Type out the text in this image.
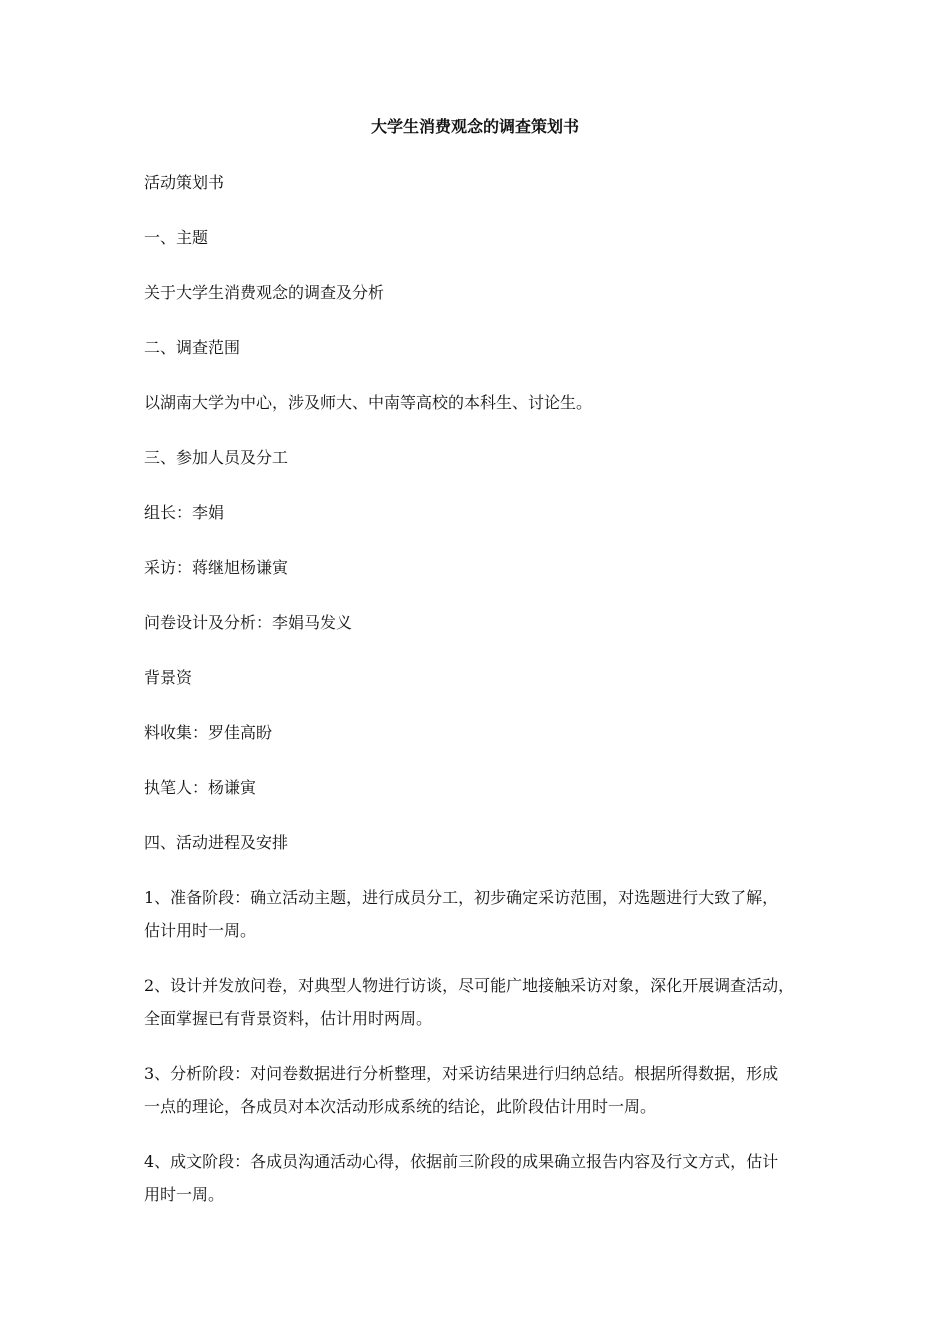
大学生消费观念的调查策划书
活动策划书
一、主题
关于大学生消费观念的调查及分析
二、调查范围
以湖南大学为中心，涉及师大、中南等高校的本科生、讨论生。
三、参加人员及分工
组长：李娟
采访：蒋继旭杨谦寅
问卷设计及分析：李娟马发义
背景资
料收集：罗佳高盼
执笔人：杨谦寅
四、活动进程及安排
1、准备阶段：确立活动主题，进行成员分工，初步确定采访范围，对选题进行大致了解，
估计用时一周。
2、设计并发放问卷，对典型人物进行访谈，尽可能广地接触采访对象，深化开展调查活动，
全面掌握已有背景资料，估计用时两周。
3、分析阶段：对问卷数据进行分析整理，对采访结果进行归纳总结。根据所得数据，形成
一点的理论，各成员对本次活动形成系统的结论，此阶段估计用时一周。
4、成文阶段：各成员沟通活动心得，依据前三阶段的成果确立报告内容及行文方式，估计
用时一周。
